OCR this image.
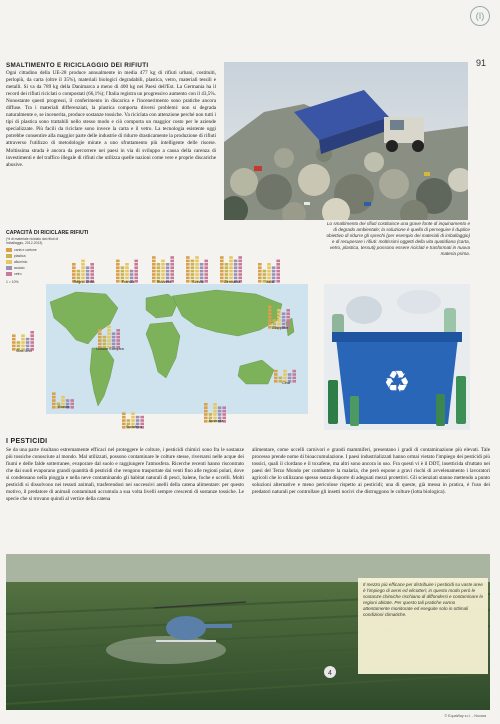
(I)
91
SMALTIMENTO E RICICLAGGIO DEI RIFIUTI
Ogni cittadino della UE-28 produce annualmente in media 477 kg di rifiuti urbani, costituiti, perlopiù, da carta (oltre il 35%), materiali biologici degradabili, plastica, vetro, materiali tessili e metalli. Si va da 789 kg della Danimarca a meno di 400 kg nei Paesi dell'Est. La Germania ha il record dei rifiuti riciclati o compostati (66,1%); l'Italia registra un progressivo aumento con il 43,5%. Nonostante questi progressi, il conferimento in discarica e l'incenerimento sono pratiche ancora diffuse. Tra i materiali differenziati, la plastica comporta diversi problemi: non si degrada naturalmente e, se incenerita, produce sostanze tossiche. Va riciclata con attenzione perché non tutti i tipi di plastica sono trattabili nello stesso modo e ciò comporta un maggior costo per le aziende specializzate. Più facili da riciclare sono invece la carta e il vetro. La tecnologia esistente oggi potrebbe consentire alla maggior parte delle industrie di ridurre drasticamente la produzione di rifiuti attraverso l'utilizzo di metodologie mirate a uno sfruttamento più intelligente delle risorse. Moltissima strada è ancora da percorrere nei paesi in via di sviluppo a causa della carenza di investimenti e del traffico illegale di rifiuti che utilizza quelle nazioni come vere e proprie discariche abusive.
Lo smaltimento dei rifiuti costituisce una grave fonte di inquinamento e di degrado ambientale; la soluzione è quella di perseguire il duplice obiettivo di ridurre gli sprechi (per esempio dei materiali di imballaggio) e di recuperare i rifiuti: moltissimi oggetti della vita quotidiana (carta, vetro, plastica, tessuti) possono essere riciclati e trasformati in nuova materia prima.
♻
CAPACITÀ DI RICICLARE RIFIUTI
(% di materiale riciclato dai rifiuti di imballaggio, 2012-2013)
carta e cartone
plastica
alluminio
acciaio
vetro
1 = 10%	Regno Unito	Francia	Svizzera	Svezia	Germania	Italia
Giappone
Stati Uniti	Unione Europea
Cina
Brasile
Sudafrica
Australia
I PESTICIDI
Se da una parte risultano estremamente efficaci nel proteggere le colture, i pesticidi chimici sono fra le sostanze più tossiche conosciute al mondo. Mal utilizzati, possono contaminare le colture stesse, riversarsi nelle acque dei fiumi e delle falde sotterranee, evaporare dal suolo e raggiungere l'atmosfera. Ricerche recenti hanno riscontrato che dai suoli evaporano grandi quantità di pesticidi che vengono trasportate dai venti fino alle regioni polari, dove si condensano nella pioggia e nella neve contaminando gli habitat naturali di pesci, balene, foche e uccelli. Molti pesticidi si dissolvono nei tessuti animali, trasferendosi nei successivi anelli della catena alimentare: per questo motivo, il predatore di animali contaminati accumula a sua volta livelli sempre crescenti di sostanze tossiche. Le specie che si trovano quindi al vertice della catena
alimentare, come uccelli carnivori e grandi mammiferi, presentano i gradi di contaminazione più elevati. Tale processo prende nome di bioaccumulazione. I paesi industrializzati hanno ormai vietato l'impiego dei pesticidi più tossici, quali il clordano e il toxafene, ma altri sono ancora in uso. Fra questi vi è il DDT, insetticida sfruttato nei paesi del Terzo Mondo per combattere la malaria, che però espone a gravi rischi di avvelenamento i lavoratori agricoli che lo utilizzano spesso senza disporre di adeguati mezzi protettivi. Gli scienziati stanno mettendo a punto soluzioni alternative e meno pericolose rispetto ai pesticidi; una di queste, già messa in pratica, è l'uso dei predatori naturali per controllare gli insetti nocivi che distruggono le colture (lotta biologica).
4
Il mezzo più efficace per distribuire i pesticidi su vaste aree è l'impiego di aerei ed elicotteri; in questo modo però le sostanze chimiche rischiano di diffondersi e contaminare le regioni abitate. Per questo tali pratiche vanno attentamente monitorate ed eseguite solo in ottimali condizioni climatiche.
© EquaWay s.r.l. - Novara
